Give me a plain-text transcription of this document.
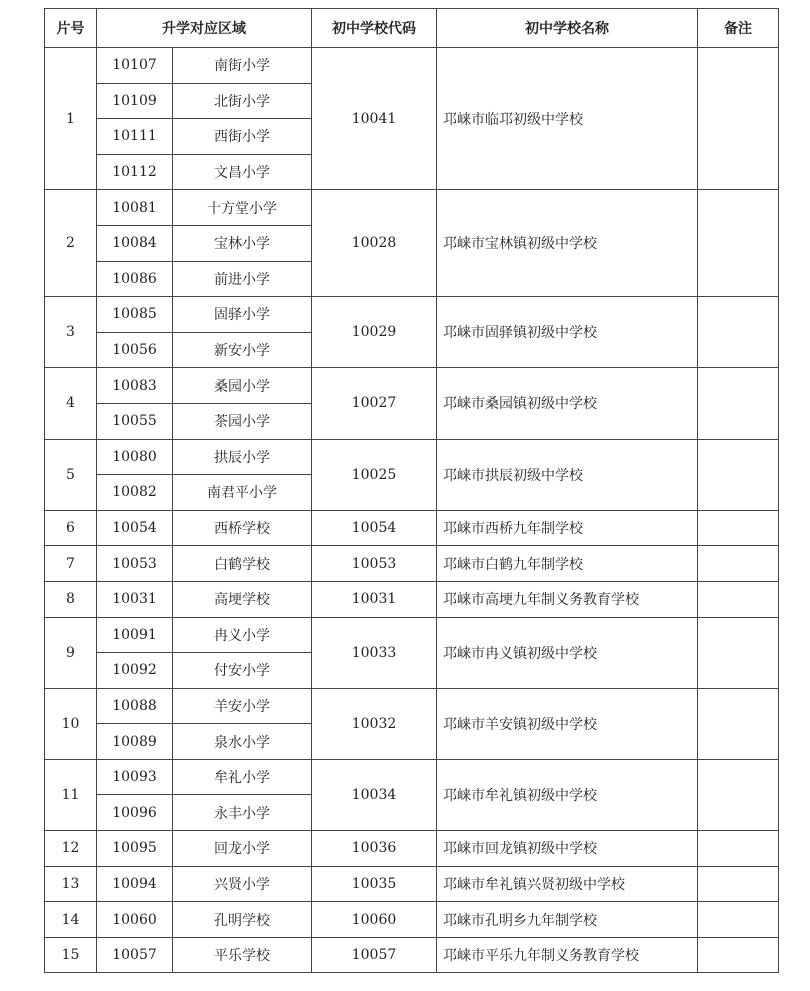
片号	升学对应区域		初中学校代码	初中学校名称	备注
1	10107	南街小学	10041	邛崃市临邛初级中学校	
	10109	北街小学			
	10111	西街小学			
	10112	文昌小学			
2	10081	十方堂小学	10028	邛崃市宝林镇初级中学校	
	10084	宝林小学			
	10086	前进小学			
3	10085	固驿小学	10029	邛崃市固驿镇初级中学校	
	10056	新安小学			
4	10083	桑园小学	10027	邛崃市桑园镇初级中学校	
	10055	茶园小学			
5	10080	拱辰小学	10025	邛崃市拱辰初级中学校	
	10082	南君平小学			
6	10054	西桥学校	10054	邛崃市西桥九年制学校	
7	10053	白鹤学校	10053	邛崃市白鹤九年制学校	
8	10031	高埂学校	10031	邛崃市高埂九年制义务教育学校	
9	10091	冉义小学	10033	邛崃市冉义镇初级中学校	
	10092	付安小学			
10	10088	羊安小学	10032	邛崃市羊安镇初级中学校	
	10089	泉水小学			
11	10093	牟礼小学	10034	邛崃市牟礼镇初级中学校	
	10096	永丰小学			
12	10095	回龙小学	10036	邛崃市回龙镇初级中学校	
13	10094	兴贤小学	10035	邛崃市牟礼镇兴贤初级中学校	
14	10060	孔明学校	10060	邛崃市孔明乡九年制学校	
15	10057	平乐学校	10057	邛崃市平乐九年制义务教育学校	
